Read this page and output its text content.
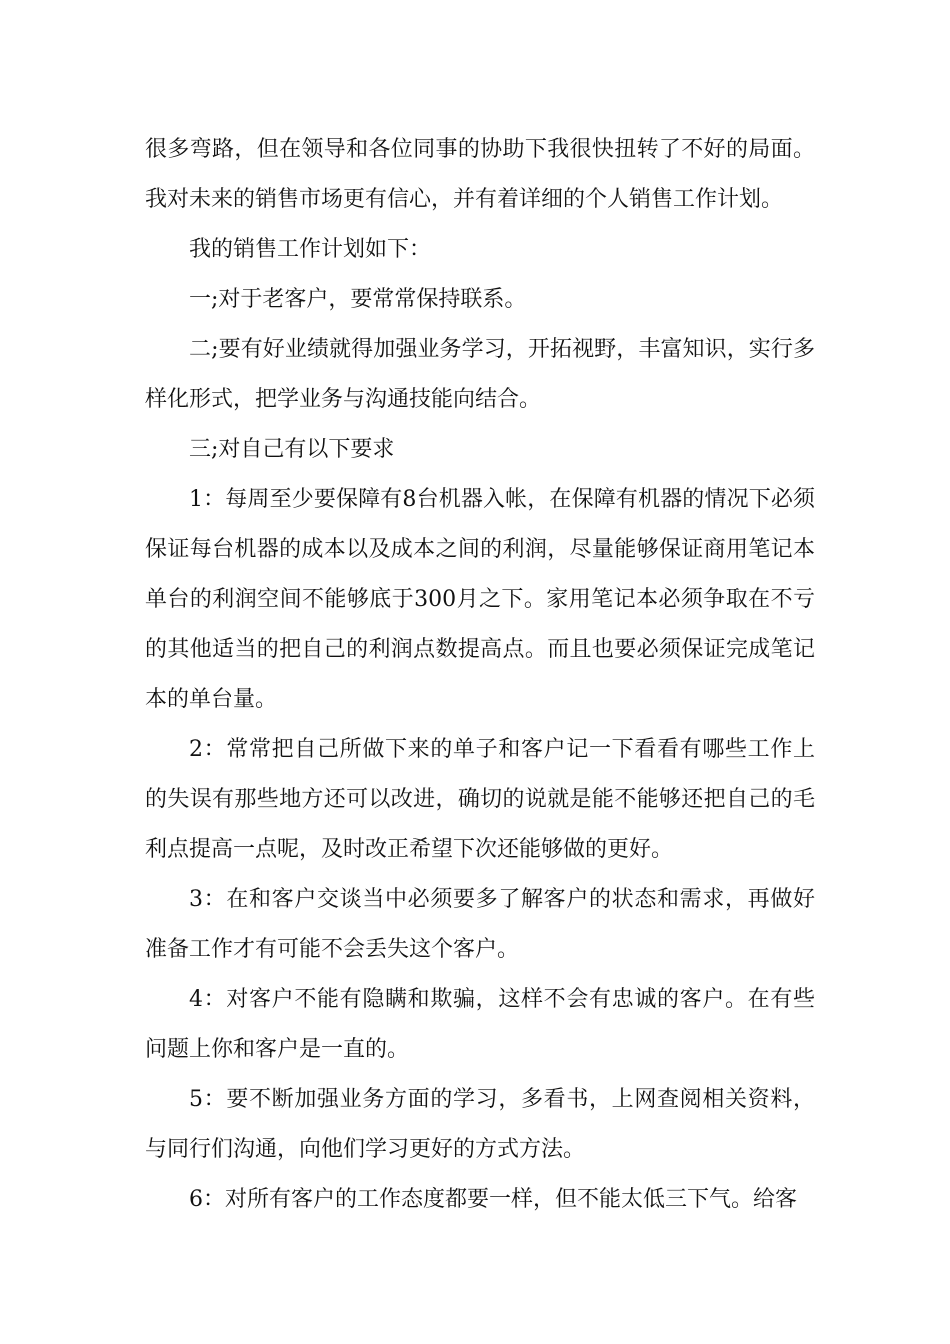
很多弯路，但在领导和各位同事的协助下我很快扭转了不好的局面。我对未来的销售市场更有信心，并有着详细的个人销售工作计划。

我的销售工作计划如下：

一;对于老客户，要常常保持联系。

二;要有好业绩就得加强业务学习，开拓视野，丰富知识，实行多样化形式，把学业务与沟通技能向结合。

三;对自己有以下要求

1：每周至少要保障有8台机器入帐，在保障有机器的情况下必须保证每台机器的成本以及成本之间的利润，尽量能够保证商用笔记本单台的利润空间不能够底于300月之下。家用笔记本必须争取在不亏的其他适当的把自己的利润点数提高点。而且也要必须保证完成笔记本的单台量。

2：常常把自己所做下来的单子和客户记一下看看有哪些工作上的失误有那些地方还可以改进，确切的说就是能不能够还把自己的毛利点提高一点呢，及时改正希望下次还能够做的更好。

3：在和客户交谈当中必须要多了解客户的状态和需求，再做好准备工作才有可能不会丢失这个客户。

4：对客户不能有隐瞒和欺骗，这样不会有忠诚的客户。在有些问题上你和客户是一直的。

5：要不断加强业务方面的学习，多看书，上网查阅相关资料，与同行们沟通，向他们学习更好的方式方法。

6：对所有客户的工作态度都要一样，但不能太低三下气。给客
